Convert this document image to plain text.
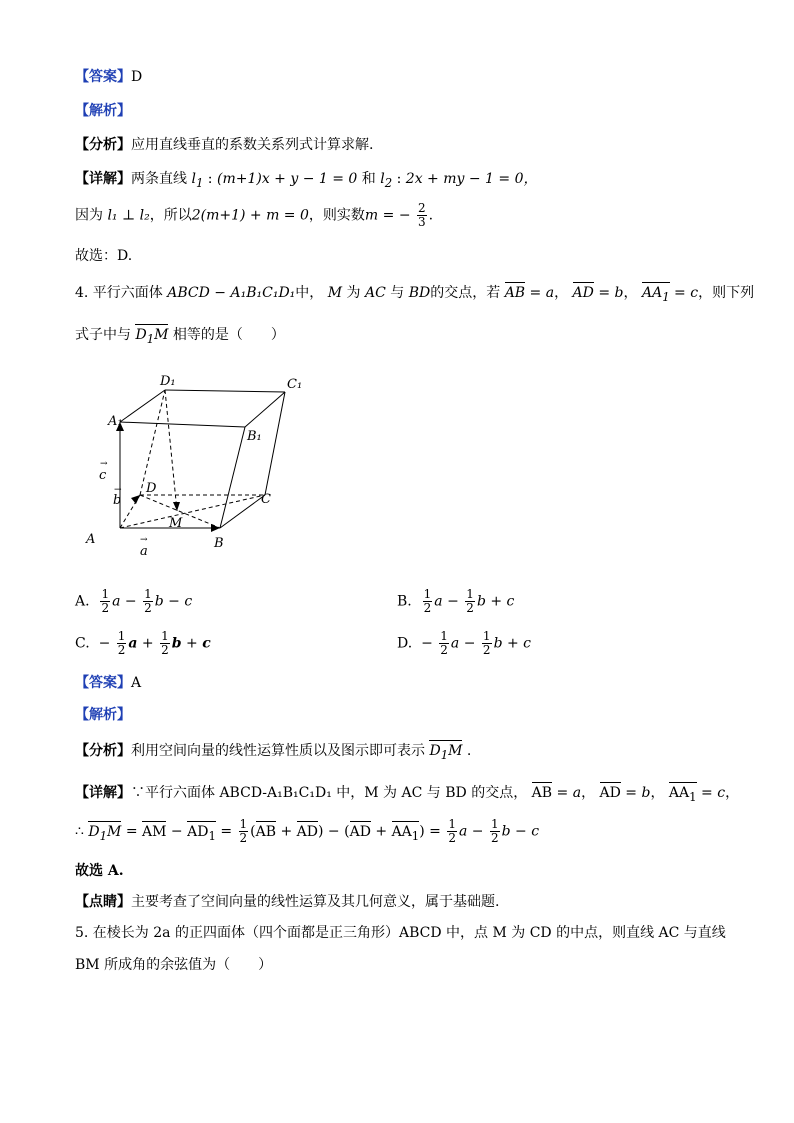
【答案】D
【解析】
【分析】应用直线垂直的系数关系列式计算求解.
【详解】两条直线 $l_1$ : (m+1)x + y − 1 = 0 和 $l_2$ : 2x + my − 1 = 0，
因为 l₁ ⊥ l₂，所以2(m+1) + m = 0，则实数m = − $\frac{2}{3}$ .
故选：D.
4. 平行六面体 ABCD − A₁B₁C₁D₁中， M 为 AC 与 BD的交点，若 AB = a， AD = b， $AA_1 = c$，则下列
式子中与 $D_1M$ 相等的是（　　）
D₁	C₁
A₁
B₁
D
C
A	B
M
c
b
a
→
→
→
A. $\frac{1}{2}$ $a - \frac{1}{2}$ b − c	B. $\frac{1}{2}$ $a - \frac{1}{2}$ b + c
C.  − $\frac{1}{2}$ $a + \frac{1}{2}$ b + c	D.  − $\frac{1}{2}$ $a - \frac{1}{2}$ b + c
【答案】A
【解析】
【分析】利用空间向量的线性运算性质以及图示即可表示 $D_1M$ .
【详解】∵平行六面体 ABCD-A₁B₁C₁D₁ 中，M 为 AC 与 BD 的交点， AB = a， AD = b， $AA_1 = c$，
∴ $D_1M$ = AM − $AD_1 = \frac{1}{2} (AB + AD) - (AD + AA_1) = \frac{1}{2}$ $a - \frac{1}{2}$ b − c
故选 A.
【点睛】主要考查了空间向量的线性运算及其几何意义，属于基础题.
5. 在棱长为 2a 的正四面体（四个面都是正三角形）ABCD 中，点 M 为 CD 的中点，则直线 AC 与直线
BM 所成角的余弦值为（　　）
